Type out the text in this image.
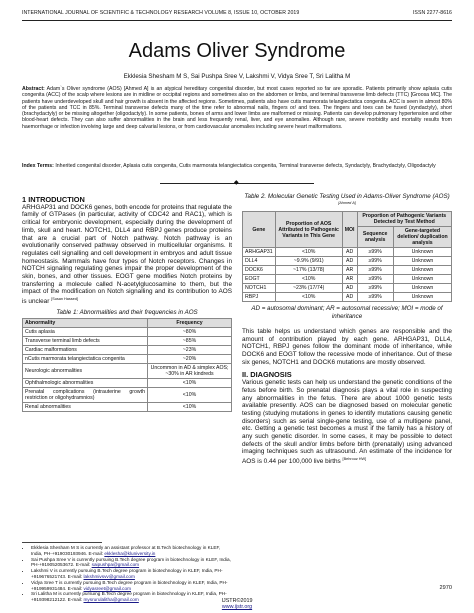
INTERNATIONAL JOURNAL OF SCIENTIFIC & TECHNOLOGY RESEARCH VOLUME 8, ISSUE 10, OCTOBER 2019	ISSN 2277-8616
Adams Oliver Syndrome
Ekklesia Shesham M S, Sai Pushpa Sree V, Lakshmi V, Vidya Sree T, Sri Lalitha M
Abstract: Adam`s Oliver syndrome (AOS) [Ahmed A] is an atypical hereditary congenital disorder, but most cases reported so far are sporadic. Patients primarily show aplasia cutis congenita (ACC) of the scalp where lesions are in midline or occipital regions and sometimes also on the abdomen or limbs, and terminal transverse limb defects (TTC) [Groosa MC]. The patients have underdeveloped skull and hair growth is absent in the affected regions. Sometimes, patients also have cutis marmorata telangiectatica congenita. ACC is seen in almost 80% of the patients and TCC in 85%. Terminal transverse defects many of the time refer to abnormal nails, fingers or/ and toes. The fingers and toes can be fused (syndactyly), short (brachydactyly) or be missing altogether (oligodactyly). In some patients, bones of arms and lower limbs are malformed or missing. Patients can develop pulmonary hypertension and other blood-heart defects. They can also suffer abnormalities in the brain and less frequently renal, liver, and eye anomalies. Although rare, severe morbidity and mortality results from haemorrhage or infection involving large and deep calvarial lesions, or from cardiovascular anomalies including severe heart malformations.
Index Terms: Inherited congenital disorder, Aplasia cutis congenita, Cutis marmorata telangiectatica congenita, Terminal transverse defects, Syndactyly, Brachydactyly, Oligodactyly
◆
1 INTRODUCTION
ARHGAP31 and DOCK6 genes, both encode for proteins that regulate the family of GTPases (in particular, activity of CDC42 and RAC1), which is critical for embryonic development, especially during the development of limb, skull and heart. NOTCH1, DLL4 and RBPJ genes produce proteins that are a crucial part of Notch pathway. Notch pathway is an evolutionarily conserved pathway observed in multicellular organisms. It regulates cell signalling and cell development in embryos and adult tissue homeostasis. Mammals have four types of Notch receptors. Changes in NOTCH signaling regulating genes impair the proper development of the skin, bones, and other tissues. EOGT gene modifies Notch proteins by transferring a molecule called N-acetylglucosamine to them, but the impact of the modification on Notch signalling and its contribution to AOS is unclear [Susan Hassed]
Table 1: Abnormalities and their frequencies in AOS
Abnormality	Frequency
Cutis aplasia	~80%
Transverse terminal limb defects	~85%
Cardiac malformations	~23%
nCutis marmorata telangiectatica congenita	~20%
Neurologic abnormalities	Uncommon in AD & simplex AOS; ~30% in AR kindreds
Ophthalmologic abnormalities	<10%
Prenatal complications (intrauterine growth restriction or oligohydramnios)	<10%
Renal abnormalities	<10%
• Ekklesia Shesham M S is currently an assistant professor at B.Tech biotechnology in KLEF, India, PH-+919030193946. E-mail: ekklesha@kluniversity.in
• Sai Pushpa Sree V is currently pursuing B.Tech degree program in biotechnology in KLEF, India, PH-+919052053672. E-mail: saipushpa@gmail.com
• Lakshmi V is currently pursuing B.Tech degree program in biotechnology in KLEF, India, PH-+919676521743. E-mail: lakshmivsvv@gmail.com
• Vidya Sree T is currently pursuing B.Tech degree program in biotechnology in KLEF, India, PH-+919959931484. E-mail: vidyasreet@gmail.com
• Sri Lalitha M is currently pursuing B.Tech degree program in biotechnology in KLEF, India, PH-+919398212122. E-mail: mysrurulalitha@gmail.com
Table 2. Molecular Genetic Testing Used in Adams-Oliver Syndrome (AOS)[Ahmed A]
Gene	Proportion of AOS Attributed to Pathogenic Variants in This Gene	MOI	Proportion of Pathogenic Variants Detected by Test Method	
			Sequence analysis	Gene-targeted deletion/ duplication analysis
ARHGAP31	<10%	AD	≥99%	Unknown
DLL4	~9.9% (9/91)	AD	≥99%	Unknown
DOCK6	~17% (13/78)	AR	≥99%	Unknown
EOGT	<10%	AR	≥99%	Unknown
NOTCH1	~23% (17/74)	AD	≥99%	Unknown
RBPJ	<10%	AD	≥99%	Unknown
AD = autosomal dominant; AR = autosomal recessive; MOI = mode of inheritance
This table helps us understand which genes are responsible and the amount of contribution played by each gene. ARHGAP31, DLL4, NOTCH1, RBPJ genes follow the dominant mode of inheritance, while DOCK6 and EOGT follow the recessive mode of inheritance. Out of these six genes, NOTCH1 and DOCK6 mutations are mostly observed.
II. DIAGNOSIS
Various genetic tests can help us understand the genetic conditions of the fetus before birth. So prenatal diagnosis plays a vital role in suspecting any abnormalities in the fetus. There are about 1000 genetic tests available presently. AOS can be diagnosed based on molecular genetic testing (studying mutations in genes to identify mutations causing genetic disorders) such as serial single-gene testing, use of a multigene panel, etc. Getting a genetic test becomes a must if the family has a history of any such genetic disorder. In some cases, it may be possible to detect defects of the skull and/or limbs before birth (prenatally) using advanced imaging techniques such as ultrasound. An estimate of the incidence for AOS is 0.44 per 100,000 live births [Behrouz HW]
2970
IJSTR©2019
www.ijstr.org
